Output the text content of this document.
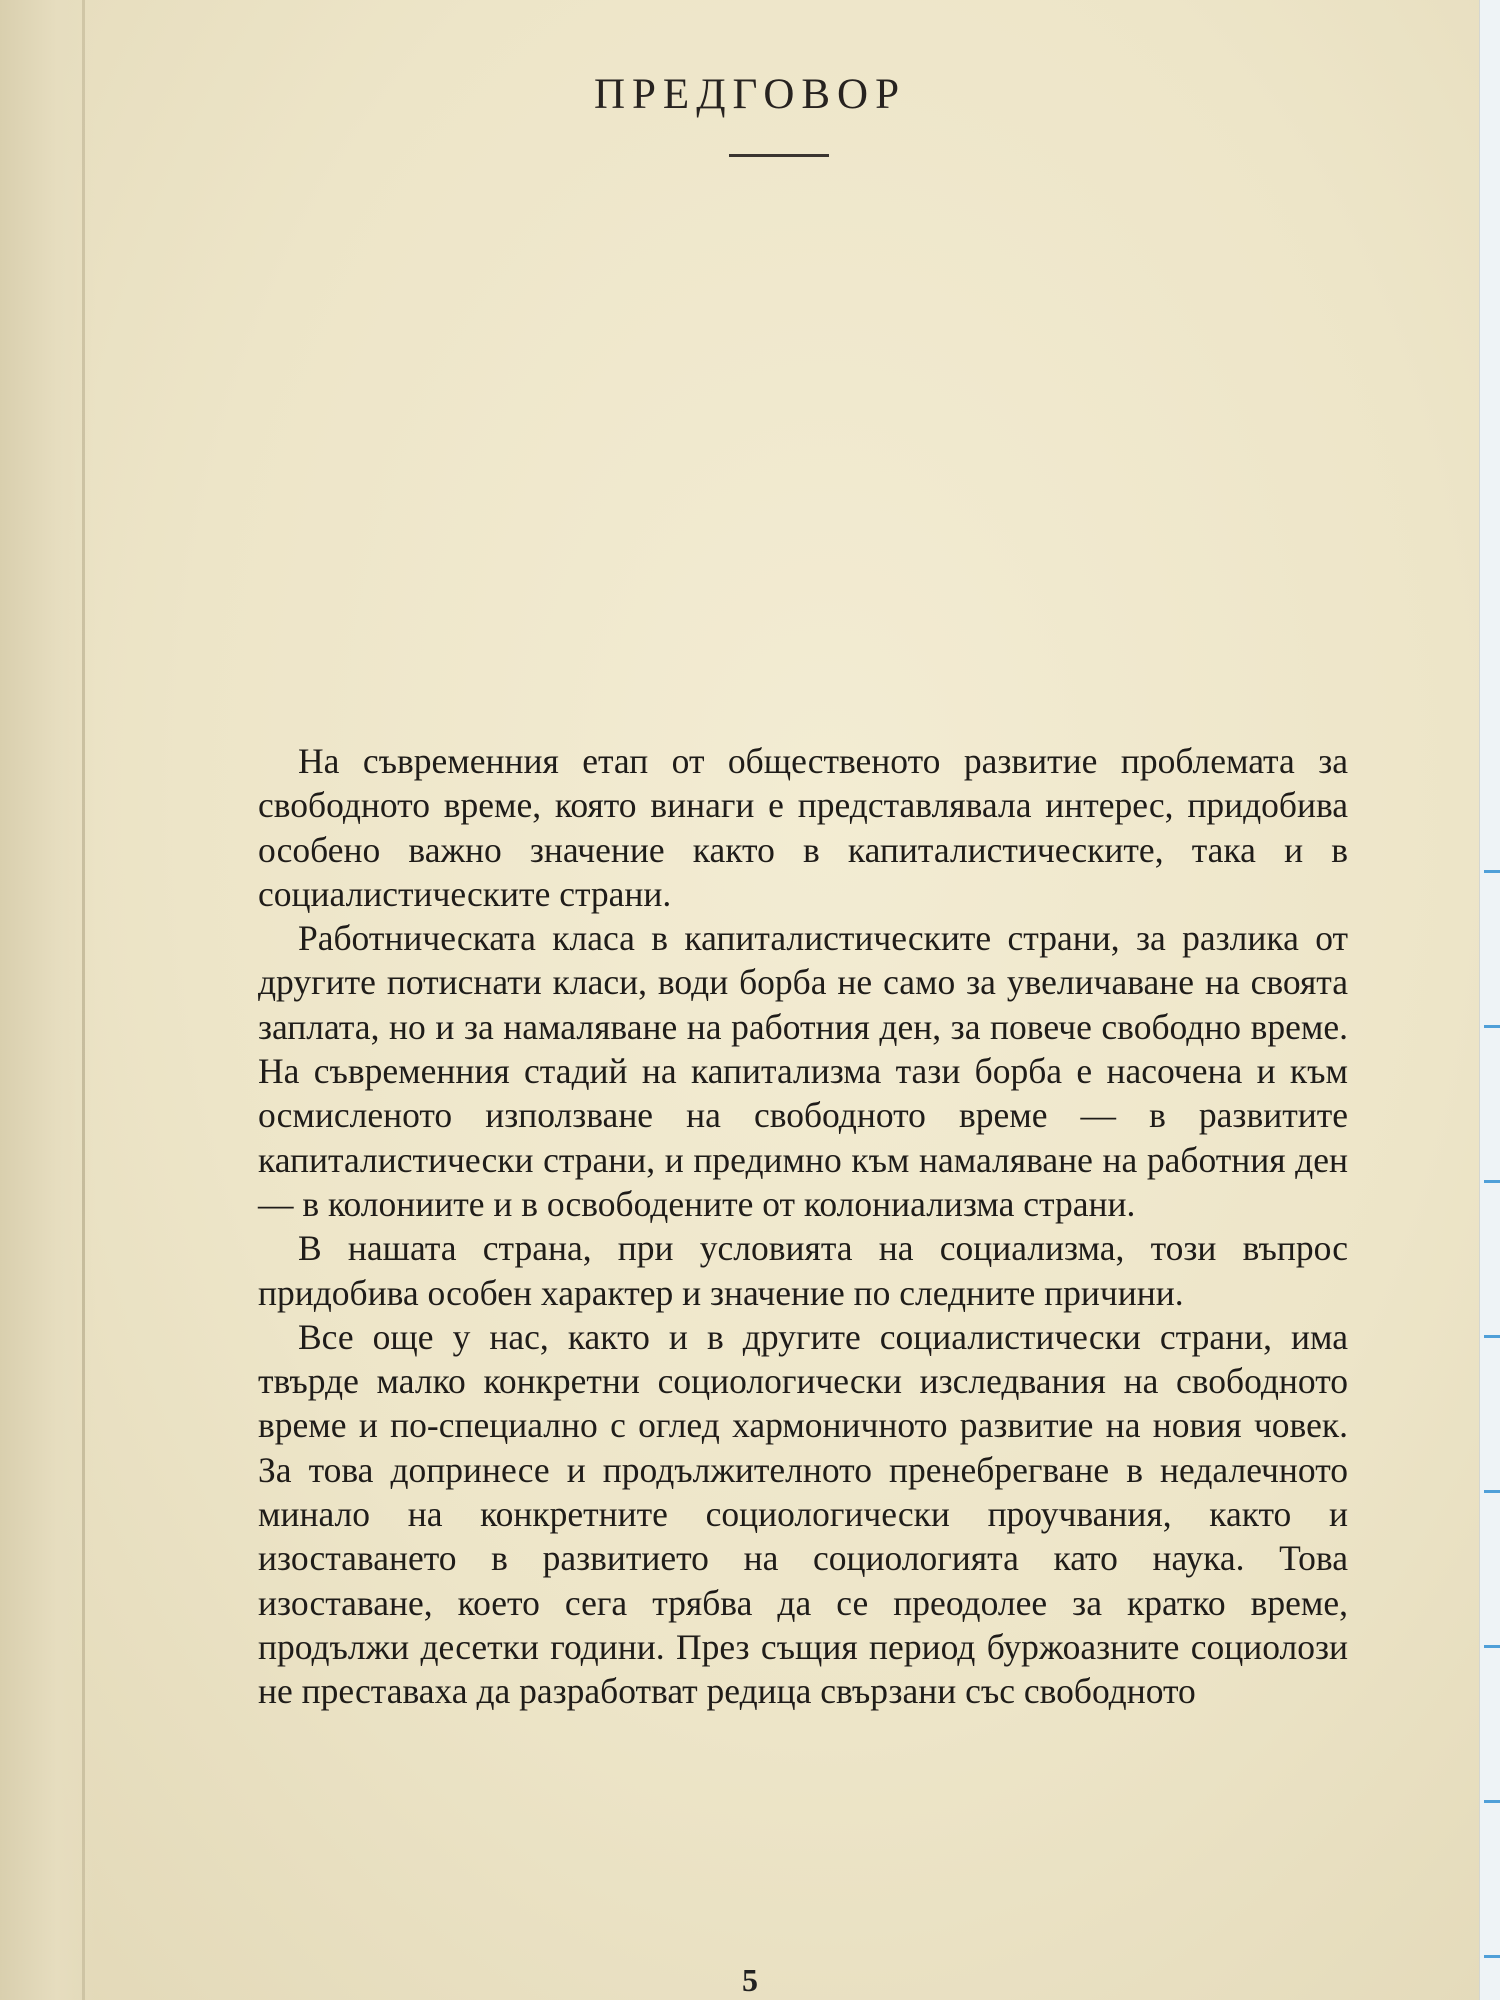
ПРЕДГОВОР

На съвременния етап от общественото развитие проблемата за свободното време, която винаги е представлявала интерес, придобива особено важно значение както в капиталистическите, така и в социалистическите страни.

Работническата класа в капиталистическите страни, за разлика от другите потиснати класи, води борба не само за увеличаване на своята заплата, но и за намаляване на работния ден, за повече свободно време. На съвременния стадий на капитализма тази борба е насочена и към осмисленото използване на свободното време — в развитите капиталистически страни, и предимно към намаляване на работния ден — в колониите и в освободените от колониализма страни.

В нашата страна, при условията на социализма, този въпрос придобива особен характер и значение по следните причини.

Все още у нас, както и в другите социалистически страни, има твърде малко конкретни социологически изследвания на свободното време и по-специално с оглед хармоничното развитие на новия човек. За това допринесе и продължителното пренебрегване в недалечното минало на конкретните социологически проучвания, както и изоставането в развитието на социологията като наука. Това изоставане, което сега трябва да се преодолее за кратко време, продължи десетки години. През същия период буржоазните социолози не преставаха да разработват редица свързани със свободното

5
